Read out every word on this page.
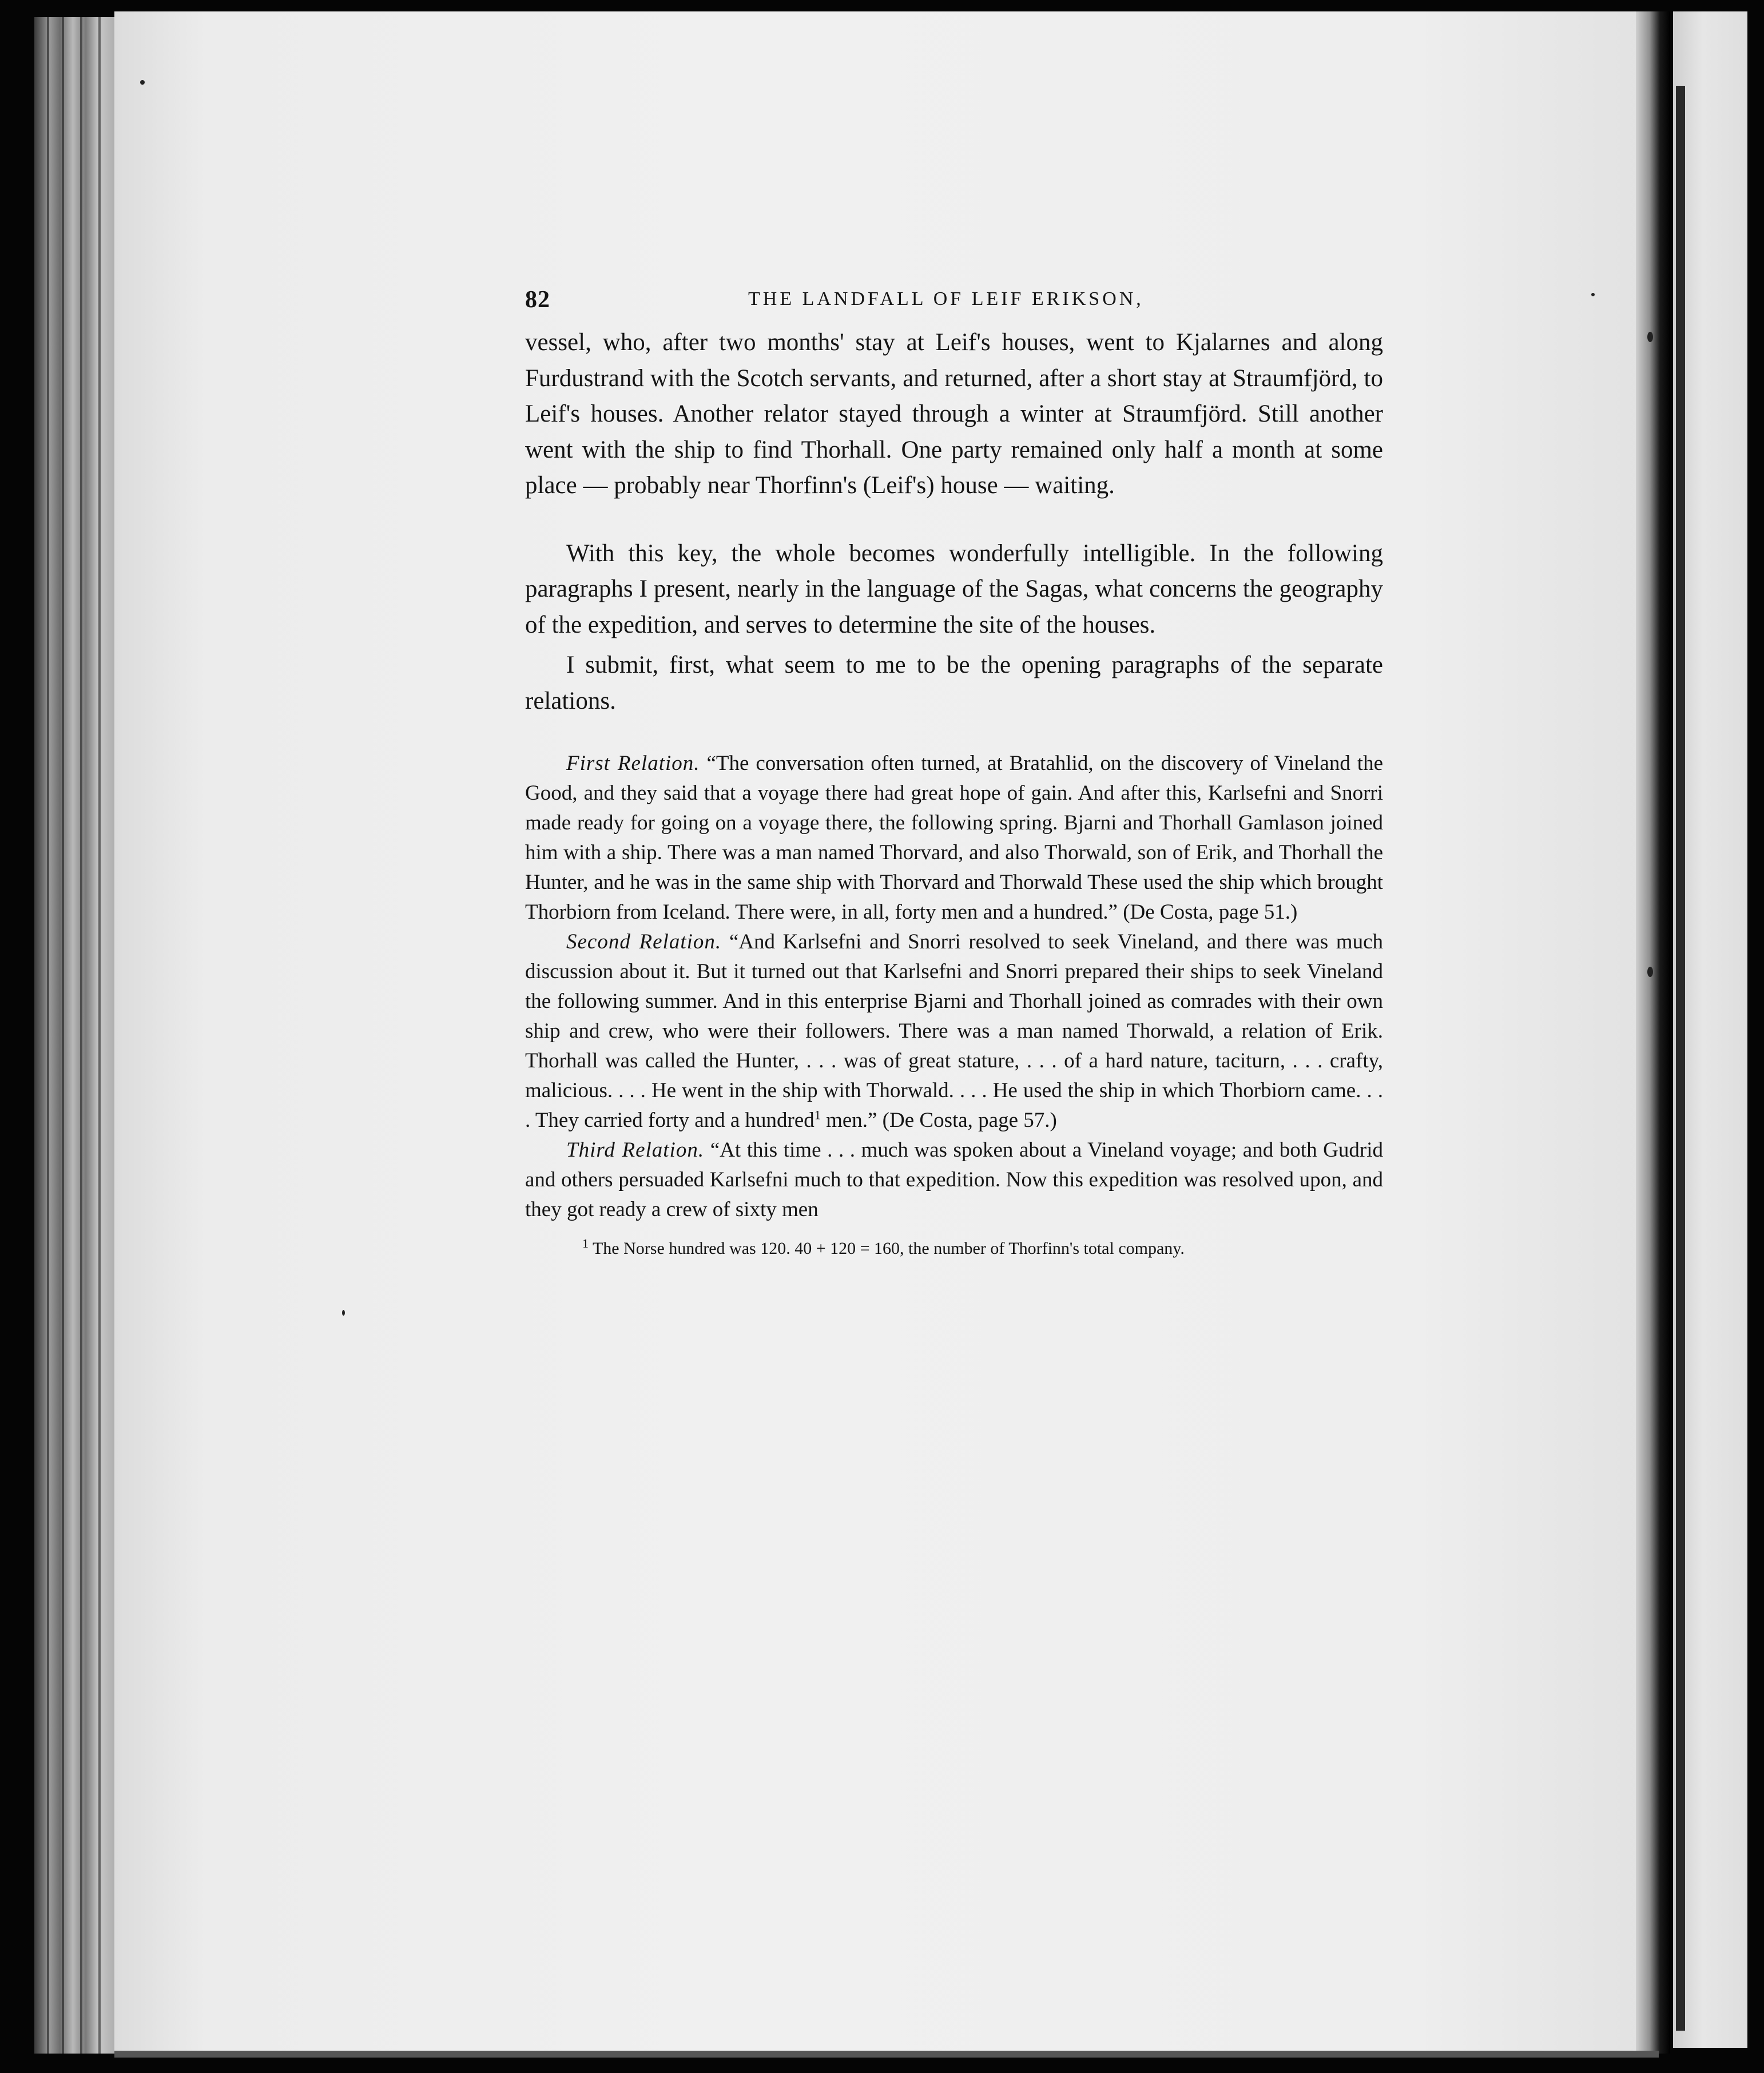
82	THE LANDFALL OF LEIF ERIKSON,

vessel, who, after two months' stay at Leif's houses, went to Kjalarnes and along Furdustrand with the Scotch servants, and returned, after a short stay at Straumfjörd, to Leif's houses. Another relator stayed through a winter at Straumfjörd. Still another went with the ship to find Thorhall. One party remained only half a month at some place — probably near Thorfinn's (Leif's) house — waiting.

With this key, the whole becomes wonderfully intelligible. In the following paragraphs I present, nearly in the language of the Sagas, what concerns the geography of the expedition, and serves to determine the site of the houses.

I submit, first, what seem to me to be the opening paragraphs of the separate relations.

First Relation. “The conversation often turned, at Bratahlid, on the discovery of Vineland the Good, and they said that a voyage there had great hope of gain. And after this, Karlsefni and Snorri made ready for going on a voyage there, the following spring. Bjarni and Thorhall Gamlason joined him with a ship. There was a man named Thorvard, and also Thorwald, son of Erik, and Thorhall the Hunter, and he was in the same ship with Thorvard and Thorwald These used the ship which brought Thorbiorn from Iceland. There were, in all, forty men and a hundred.” (De Costa, page 51.)

Second Relation. “And Karlsefni and Snorri resolved to seek Vineland, and there was much discussion about it. But it turned out that Karlsefni and Snorri prepared their ships to seek Vineland the following summer. And in this enterprise Bjarni and Thorhall joined as comrades with their own ship and crew, who were their followers. There was a man named Thorwald, a relation of Erik. Thorhall was called the Hunter, . . . was of great stature, . . . of a hard nature, taciturn, . . . crafty, malicious. . . . He went in the ship with Thorwald. . . . He used the ship in which Thorbiorn came. . . . They carried forty and a hundred$^1$ men.” (De Costa, page 57.)

Third Relation. “At this time . . . much was spoken about a Vineland voyage; and both Gudrid and others persuaded Karlsefni much to that expedition. Now this expedition was resolved upon, and they got ready a crew of sixty men

$^1$ The Norse hundred was 120. 40 + 120 = 160, the number of Thorfinn's total company.
